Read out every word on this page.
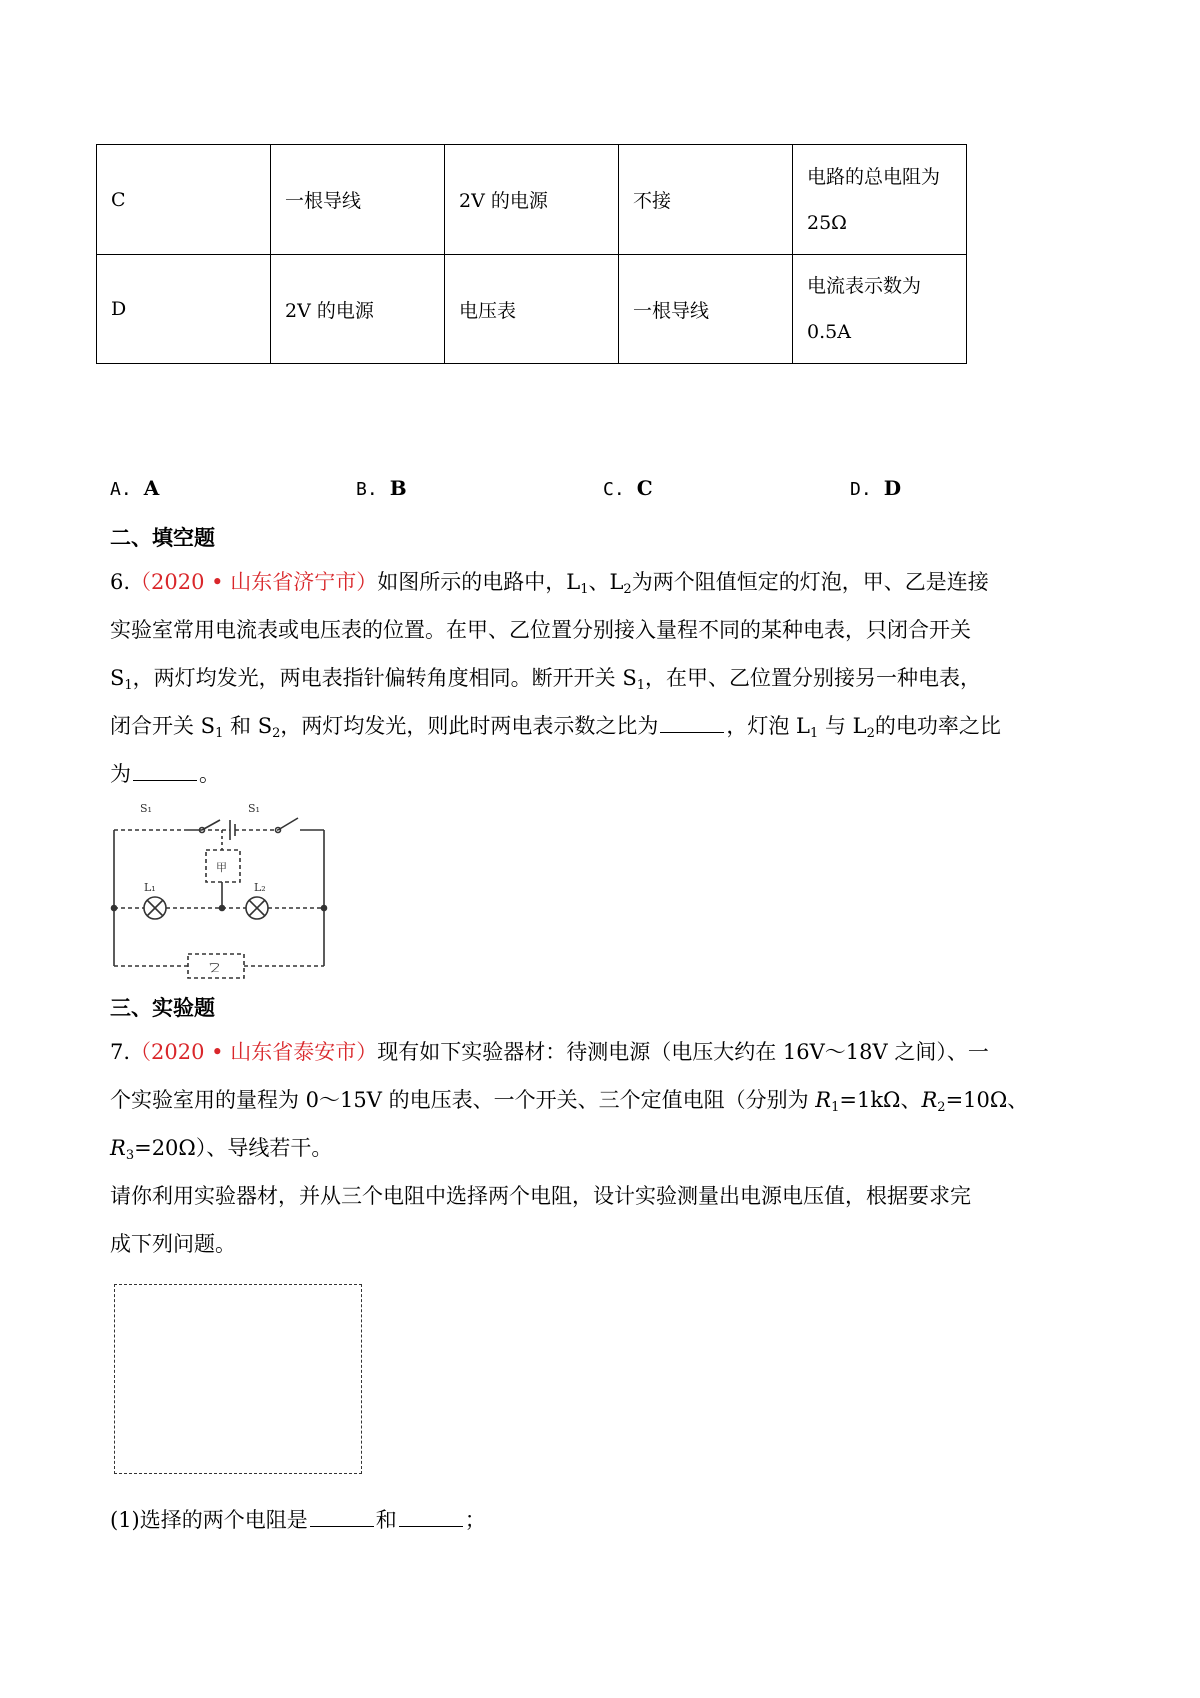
C	一根导线	2V 的电源	不接	电路的总电阻为
25Ω
D	2V 的电源	电压表	一根导线	电流表示数为
0.5A
A. A	B. B	C. C	D. D
二、填空题
6.（2020 • 山东省济宁市）如图所示的电路中，$L_1$、$L_2$为两个阻值恒定的灯泡，甲、乙是连接
实验室常用电流表或电压表的位置。在甲、乙位置分别接入量程不同的某种电表，只闭合开关
$S_1$，两灯均发光，两电表指针偏转角度相同。断开开关 $S_1$，在甲、乙位置分别接另一种电表，
闭合开关 $S_1$ 和 $S_2$，两灯均发光，则此时两电表示数之比为	，灯泡 $L_1$ 与 $L_2$的电功率之比
为	。
S₁	S₁
L₁	L₂
甲
乙
三、实验题
7.（2020 • 山东省泰安市）现有如下实验器材：待测电源（电压大约在 16V～18V 之间）、一
个实验室用的量程为 0～15V 的电压表、一个开关、三个定值电阻（分别为 $R_1=1k\Omega$、$R_2=10\Omega$、
$R_3=20\Omega$）、导线若干。
请你利用实验器材，并从三个电阻中选择两个电阻，设计实验测量出电源电压值，根据要求完
成下列问题。
(1)选择的两个电阻是	和	；
